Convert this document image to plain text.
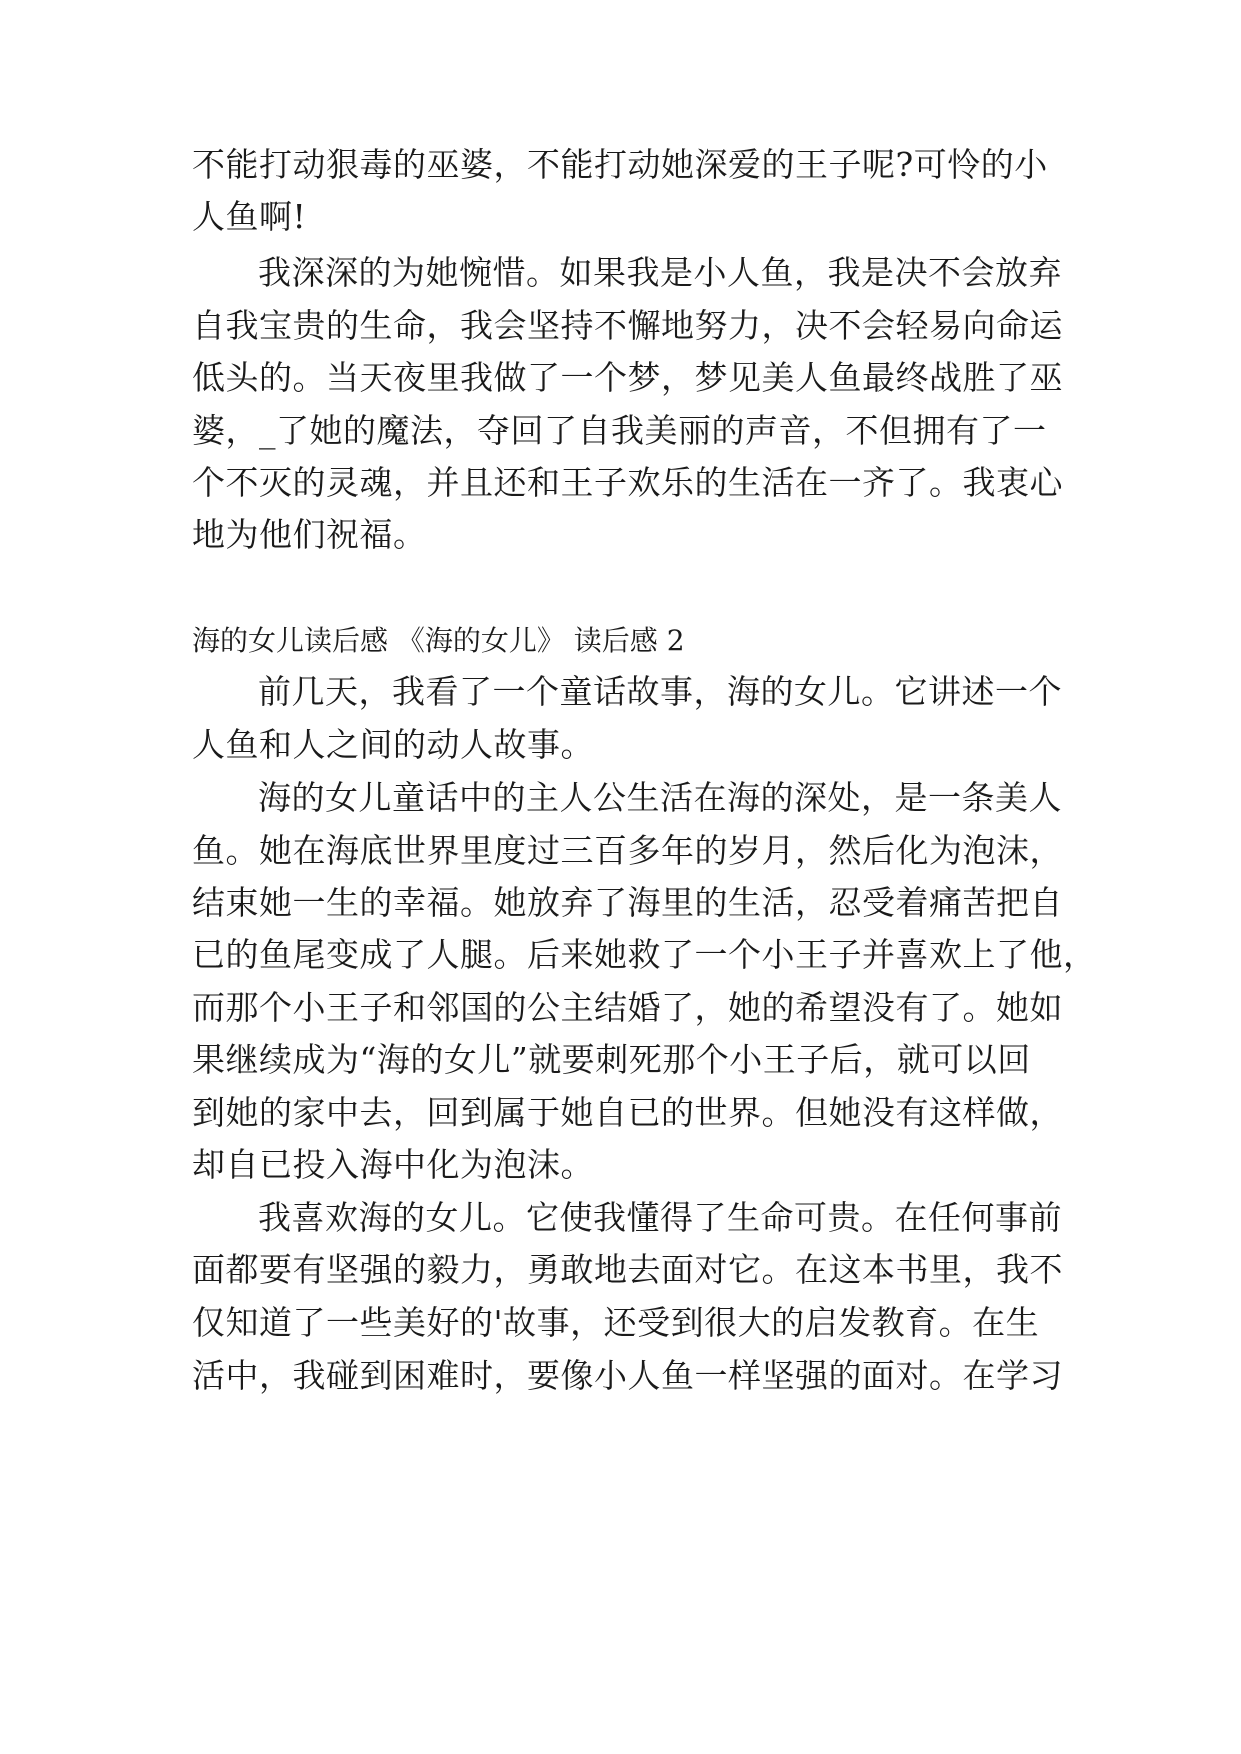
不能打动狠毒的巫婆，不能打动她深爱的王子呢?可怜的小
人鱼啊!
我深深的为她惋惜。如果我是小人鱼，我是决不会放弃
自我宝贵的生命，我会坚持不懈地努力，决不会轻易向命运
低头的。当天夜里我做了一个梦，梦见美人鱼最终战胜了巫
婆，_了她的魔法，夺回了自我美丽的声音，不但拥有了一
个不灭的灵魂，并且还和王子欢乐的生活在一齐了。我衷心
地为他们祝福。
海的女儿读后感 《海的女儿》 读后感 2
前几天，我看了一个童话故事，海的女儿。它讲述一个
人鱼和人之间的动人故事。
海的女儿童话中的主人公生活在海的深处，是一条美人
鱼。她在海底世界里度过三百多年的岁月，然后化为泡沫，
结束她一生的幸福。她放弃了海里的生活，忍受着痛苦把自
已的鱼尾变成了人腿。后来她救了一个小王子并喜欢上了他，
而那个小王子和邻国的公主结婚了，她的希望没有了。她如
果继续成为“海的女儿”就要刺死那个小王子后，就可以回
到她的家中去，回到属于她自已的世界。但她没有这样做，
却自已投入海中化为泡沫。
我喜欢海的女儿。它使我懂得了生命可贵。在任何事前
面都要有坚强的毅力，勇敢地去面对它。在这本书里，我不
仅知道了一些美好的'故事，还受到很大的启发教育。在生
活中，我碰到困难时，要像小人鱼一样坚强的面对。在学习
